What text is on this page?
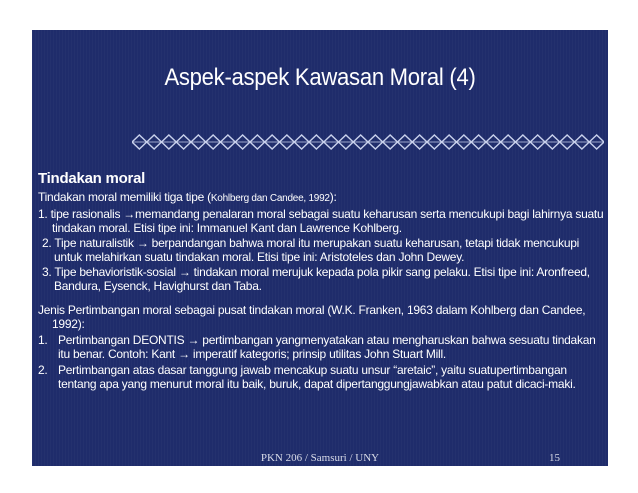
Aspek-aspek Kawasan Moral (4)
Tindakan moral

Tindakan moral memiliki tiga tipe (Kohlberg dan Candee, 1992):

1. tipe rasionalis →memandang penalaran moral sebagai suatu keharusan serta mencukupi bagi lahirnya suatu tindakan moral. Etisi tipe ini: Immanuel Kant dan Lawrence Kohlberg.

2. Tipe naturalistik → berpandangan bahwa moral itu merupakan suatu keharusan, tetapi tidak mencukupi untuk melahirkan suatu tindakan moral. Etisi tipe ini: Aristoteles dan John Dewey.

3. Tipe behavioristik-sosial → tindakan moral merujuk kepada pola pikir sang pelaku. Etisi tipe ini: Aronfreed, Bandura, Eysenck, Havighurst dan Taba.

Jenis Pertimbangan moral sebagai pusat tindakan moral (W.K. Franken, 1963 dalam Kohlberg dan Candee, 1992):

1. Pertimbangan DEONTIS → pertimbangan yangmenyatakan atau mengharuskan bahwa sesuatu tindakan itu benar. Contoh: Kant → imperatif kategoris; prinsip utilitas John Stuart Mill.
2. Pertimbangan atas dasar tanggung jawab mencakup suatu unsur “aretaic”, yaitu suatupertimbangan tentang apa yang menurut moral itu baik, buruk, dapat dipertanggungjawabkan atau patut dicaci-maki.
PKN 206 / Samsuri / UNY	15
